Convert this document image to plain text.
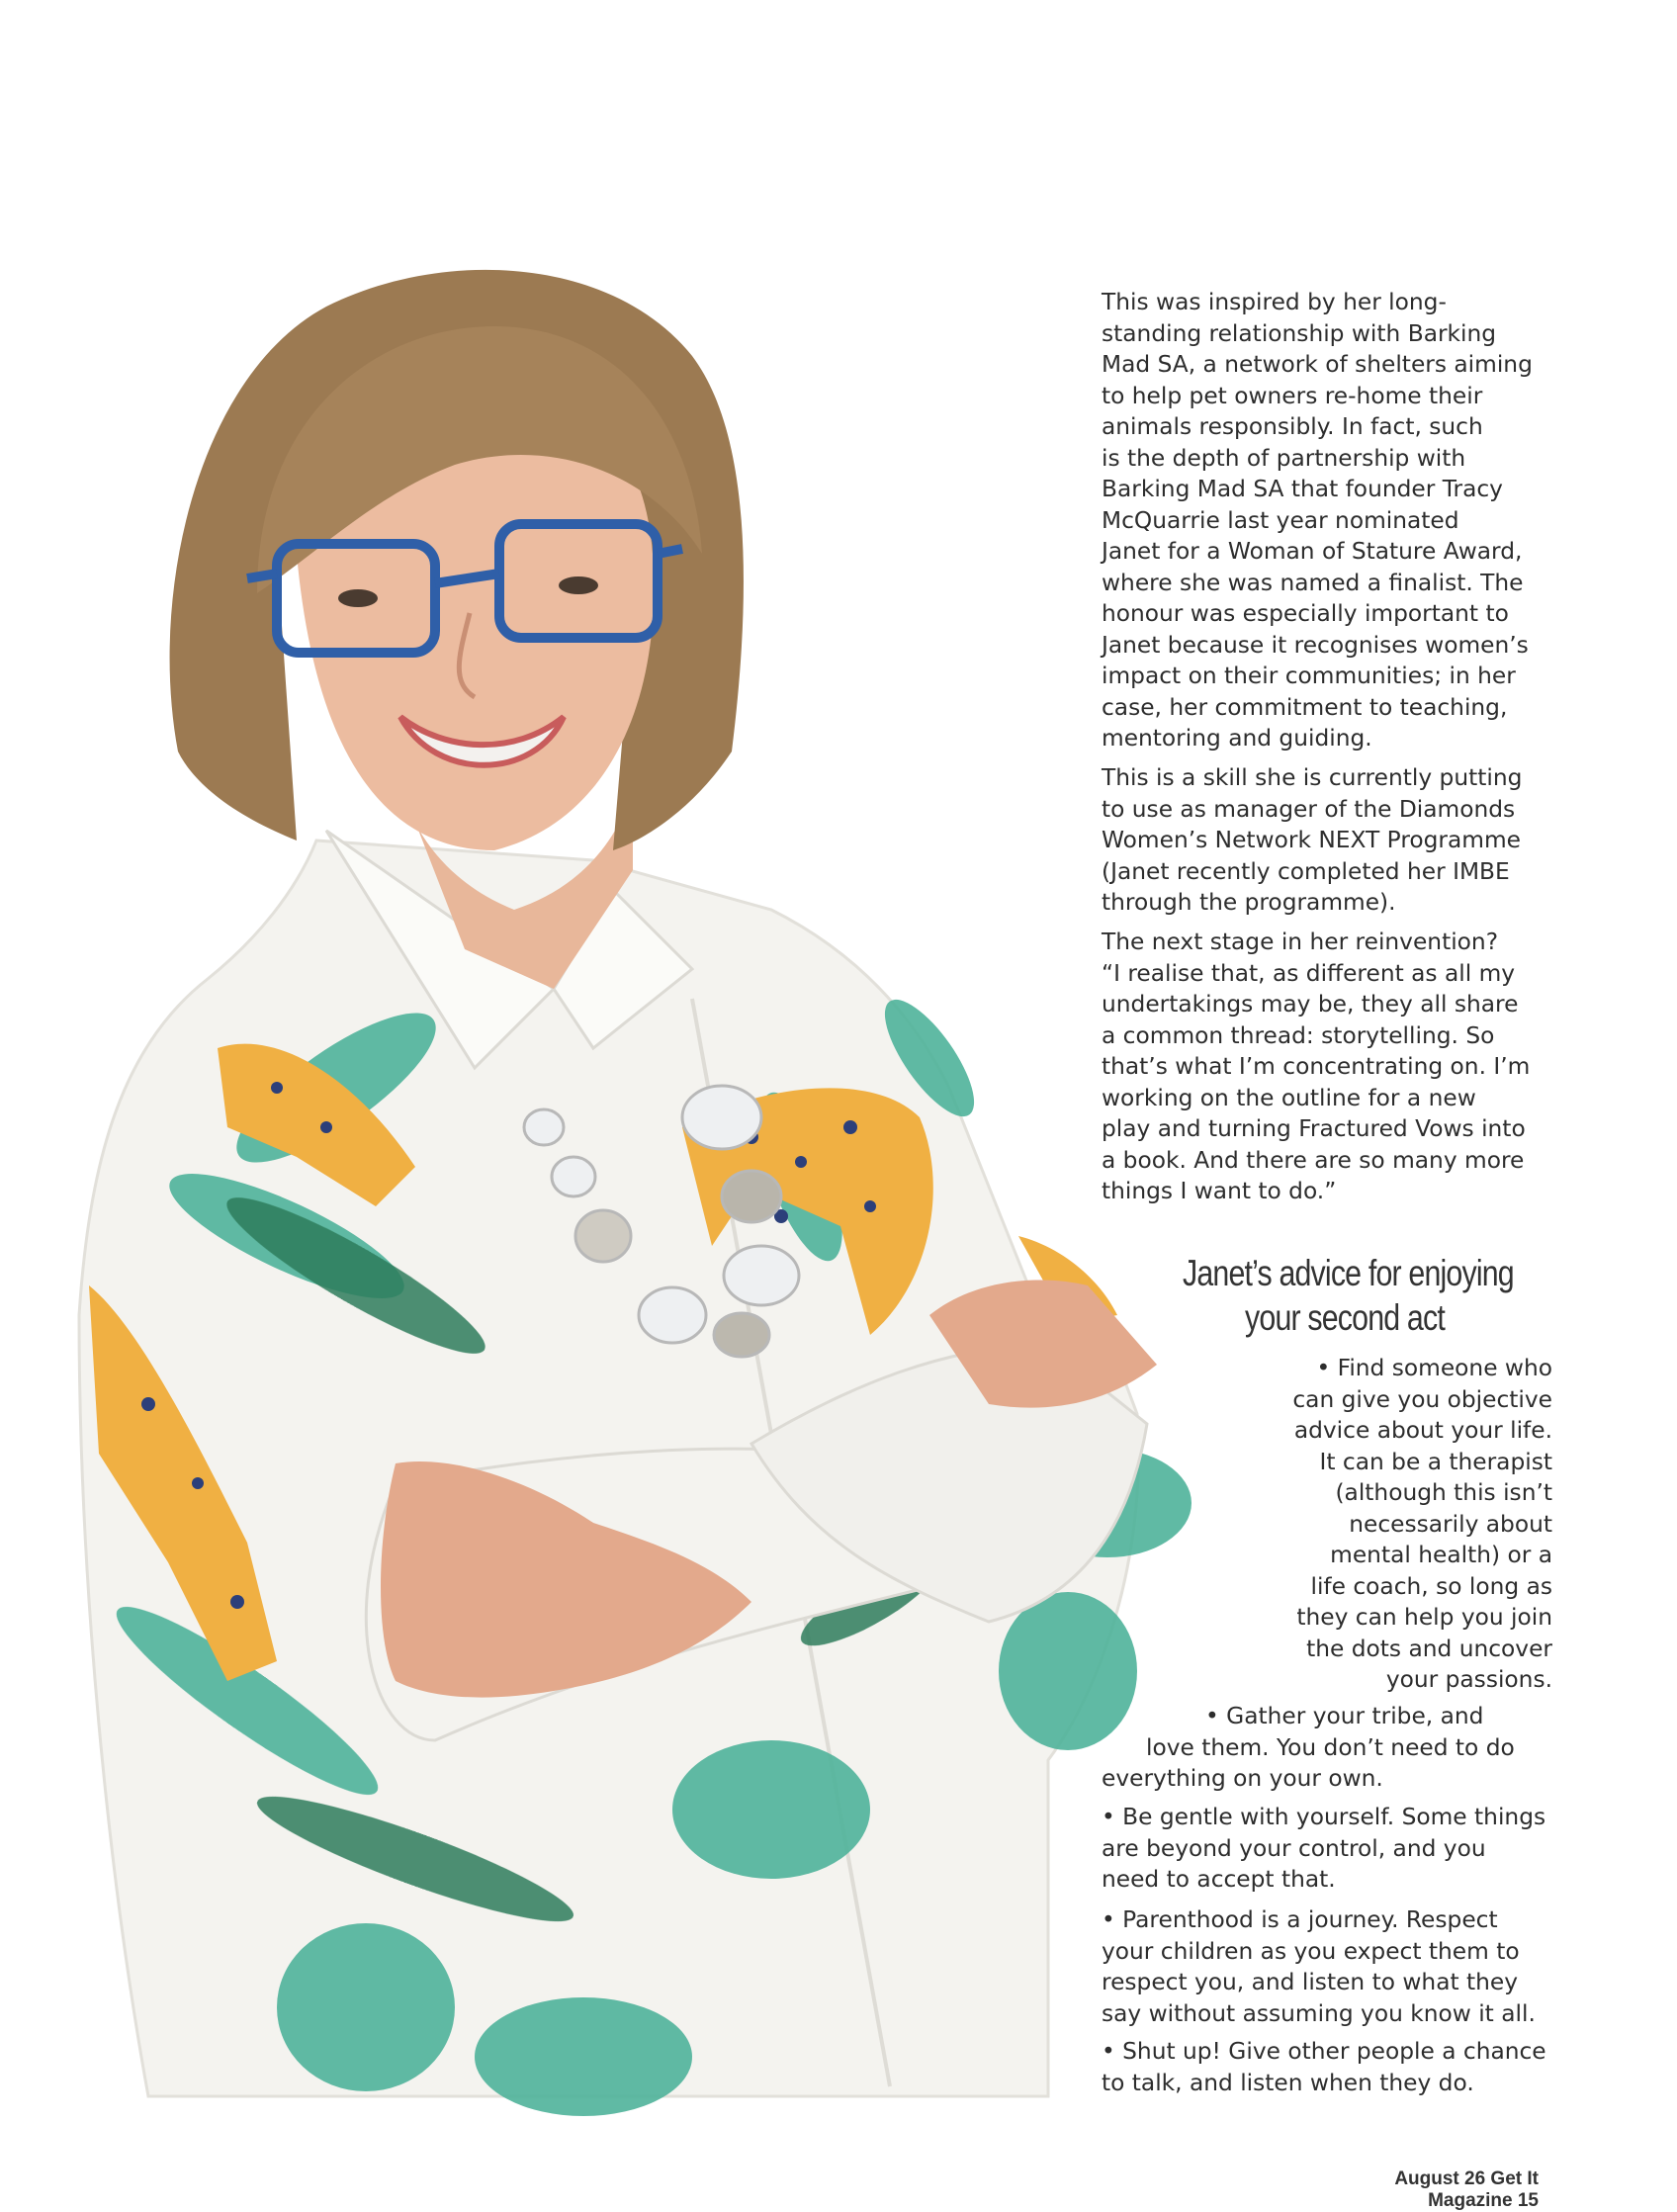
This was inspired by her long-
standing relationship with Barking
Mad SA, a network of shelters aiming
to help pet owners re-home their
animals responsibly. In fact, such
is the depth of partnership with
Barking Mad SA that founder Tracy
McQuarrie last year nominated
Janet for a Woman of Stature Award,
where she was named a finalist. The
honour was especially important to
Janet because it recognises women’s
impact on their communities; in her
case, her commitment to teaching,
mentoring and guiding.
This is a skill she is currently putting
to use as manager of the Diamonds
Women’s Network NEXT Programme
(Janet recently completed her IMBE
through the programme).
The next stage in her reinvention?
“I realise that, as different as all my
undertakings may be, they all share
a common thread: storytelling. So
that’s what I’m concentrating on. I’m
working on the outline for a new
play and turning Fractured Vows into
a book. And there are so many more
things I want to do.”
Janet’s advice for enjoying
your second act
• Find someone who
can give you objective
advice about your life.
It can be a therapist
(although this isn’t
necessarily about
mental health) or a
life coach, so long as
they can help you join
the dots and uncover
your passions.
• Gather your tribe, and
love them. You don’t need to do
everything on your own.
• Be gentle with yourself. Some things
are beyond your control, and you
need to accept that.
• Parenthood is a journey. Respect
your children as you expect them to
respect you, and listen to what they
say without assuming you know it all.
• Shut up! Give other people a chance
to talk, and listen when they do.
August 26 Get It Magazine 15
